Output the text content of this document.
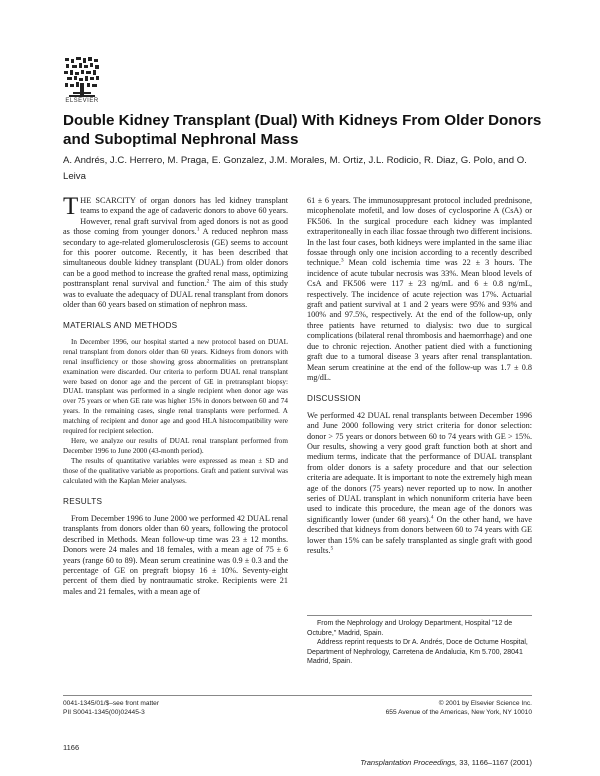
ELSEVIER
Double Kidney Transplant (Dual) With Kidneys From Older Donors and Suboptimal Nephronal Mass
A. Andrés, J.C. Herrero, M. Praga, E. Gonzalez, J.M. Morales, M. Ortiz, J.L. Rodicio, R. Diaz, G. Polo, and O. Leiva

THE SCARCITY of organ donors has led kidney transplant teams to expand the age of cadaveric donors to above 60 years. However, renal graft survival from aged donors is not as good as those coming from younger donors.$^1$ A reduced nephron mass secondary to age-related glomerulosclerosis (GE) seems to account for this poorer outcome. Recently, it has been described that simultaneous double kidney transplant (DUAL) from older donors can be a good method to increase the grafted renal mass, optimizing posttransplant renal survival and function.$^2$ The aim of this study was to evaluate the adequacy of DUAL renal transplant from donors older than 60 years based on stimation of nephron mass.

MATERIALS AND METHODS

In December 1996, our hospital started a new protocol based on DUAL renal transplant from donors older than 60 years. Kidneys from donors with renal insufficiency or those showing gross abnormalities on pretransplant examination were discarded. Our criteria to perform DUAL renal transplant were based on donor age and the percent of GE in pretransplant biopsy: DUAL transplant was performed in a single recipient when donor age was over 75 years or when GE rate was higher 15% in donors between 60 and 74 years. In the remaining cases, single renal transplants were performed. A matching of recipient and donor age and good HLA histocompatibility were required for recipient selection.

Here, we analyze our results of DUAL renal transplant performed from December 1996 to June 2000 (43-month period).

The results of quantitative variables were expressed as mean ± SD and those of the qualitative variable as proportions. Graft and patient survival was calculated with the Kaplan Meier analyses.

RESULTS

From December 1996 to June 2000 we performed 42 DUAL renal transplants from donors older than 60 years, following the protocol described in Methods. Mean follow-up time was 23 ± 12 months. Donors were 24 males and 18 females, with a mean age of 75 ± 6 years (range 60 to 89). Mean serum creatinine was 0.9 ± 0.3 and the percentage of GE on pregraft biopsy 16 ± 10%. Seventy-eight percent of them died by nontraumatic stroke. Recipients were 21 males and 21 females, with a mean age of

61 ± 6 years. The immunosuppresant protocol included prednisone, micophenolate mofetil, and low doses of cyclosporine A (CsA) or FK506. In the surgical procedure each kidney was implanted extraperitoneally in each iliac fossae through two different incisions. In the last four cases, both kidneys were implanted in the same iliac fossae through only one incision according to a recently described technique.$^3$ Mean cold ischemia time was 22 ± 3 hours. The incidence of acute tubular necrosis was 33%. Mean blood levels of CsA and FK506 were 117 ± 23 ng/mL and 6 ± 0.8 ng/mL, respectively. The incidence of acute rejection was 17%. Actuarial graft and patient survival at 1 and 2 years were 95% and 93% and 100% and 97.5%, respectively. At the end of the follow-up, only three patients have returned to dialysis: two due to surgical complications (bilateral renal thrombosis and haemorrhage) and one due to chronic rejection. Another patient died with a functioning graft due to a tumoral disease 3 years after renal transplantation. Mean serum creatinine at the end of the follow-up was 1.7 ± 0.8 mg/dL.

DISCUSSION

We performed 42 DUAL renal transplants between December 1996 and June 2000 following very strict criteria for donor selection: donor > 75 years or donors between 60 to 74 years with GE > 15%. Our results, showing a very good graft function both at short and medium terms, indicate that the performance of DUAL transplant from older donors is a safety procedure and that our selection criteria are adequate. It is important to note the extremely high mean age of the donors (75 years) never reported up to now. In another series of DUAL transplant in which nonuniform criteria have been used to indicate this procedure, the mean age of the donors was significantly lower (under 68 years).$^4$ On the other hand, we have described that kidneys from donors between 60 to 74 years with GE lower than 15% can be safely transplanted as single graft with good results.$^5$

From the Nephrology and Urology Department, Hospital "12 de Octubre," Madrid, Spain.

Address reprint requests to Dr A. Andrés, Doce de Octume Hospital, Department of Nephrology, Carretena de Andalucia, Km 5.700, 28041 Madrid, Spain.

0041-1345/01/$–see front matter
PII S0041-1345(00)02445-3
© 2001 by Elsevier Science Inc.
655 Avenue of the Americas, New York, NY 10010
1166
Transplantation Proceedings, 33, 1166–1167 (2001)
